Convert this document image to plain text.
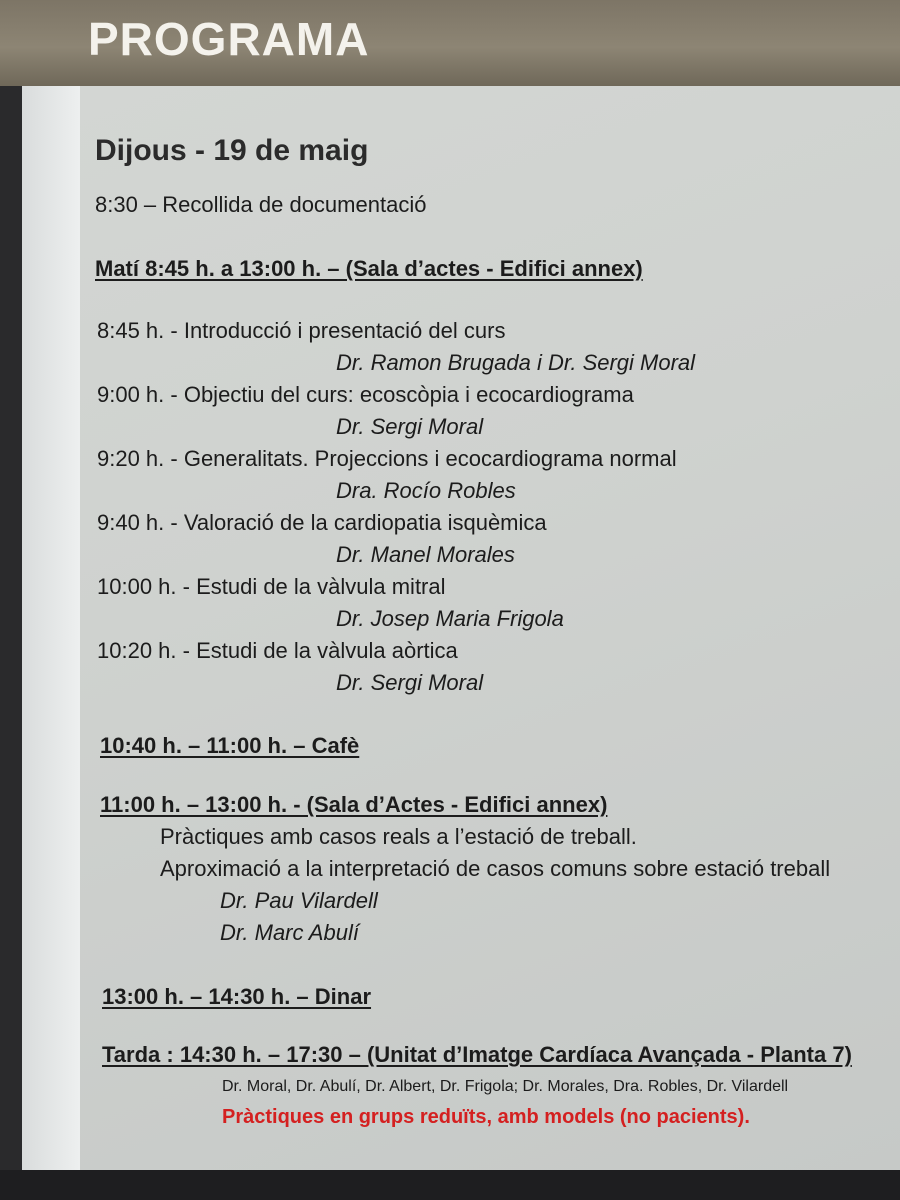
PROGRAMA
Dijous - 19 de maig
8:30 – Recollida de documentació
Matí 8:45 h. a 13:00 h. – (Sala d’actes - Edifici annex)
8:45 h. - Introducció i presentació del curs
Dr. Ramon Brugada i Dr. Sergi Moral
9:00 h. - Objectiu del curs: ecoscòpia i ecocardiograma
Dr. Sergi Moral
9:20 h. - Generalitats. Projeccions i ecocardiograma normal
Dra. Rocío Robles
9:40 h. - Valoració de la cardiopatia isquèmica
Dr. Manel Morales
10:00 h. - Estudi de la vàlvula mitral
Dr. Josep Maria Frigola
10:20 h. - Estudi de la vàlvula aòrtica
Dr. Sergi Moral
10:40 h. – 11:00 h. – Cafè
11:00 h. – 13:00 h. - (Sala d’Actes - Edifici annex)
Pràctiques amb casos reals a l’estació de treball.
Aproximació a la interpretació de casos comuns sobre estació treball
Dr. Pau Vilardell
Dr. Marc Abulí
13:00 h. – 14:30 h. – Dinar
Tarda : 14:30 h. – 17:30 – (Unitat d’Imatge Cardíaca Avançada - Planta 7)
Dr. Moral, Dr. Abulí, Dr. Albert, Dr. Frigola; Dr. Morales, Dra. Robles, Dr. Vilardell
Pràctiques en grups reduïts, amb models (no pacients).
